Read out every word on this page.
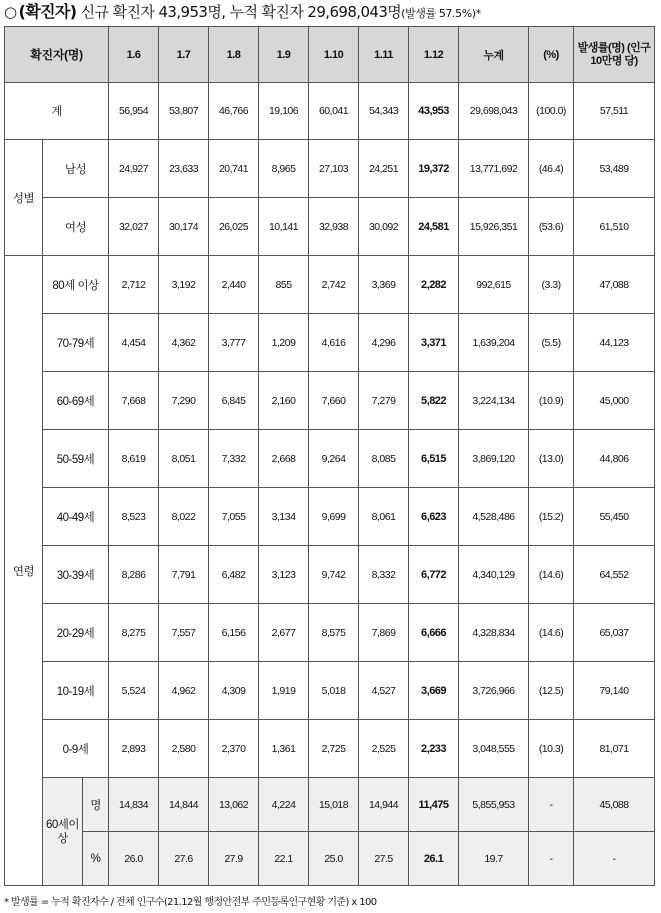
○ (확진자) 신규 확진자 43,953명, 누적 확진자 29,698,043명(발생률 57.5%)*
확진자(명)			1.6	1.7	1.8	1.9	1.10	1.11	1.12	누계	(%)	발생률(명) (인구 10만명 당)
계			56,954	53,807	46,766	19,106	60,041	54,343	43,953	29,698,043	(100.0)	57,511
성별	남성		24,927	23,633	20,741	8,965	27,103	24,251	19,372	13,771,692	(46.4)	53,489
	여성		32,027	30,174	26,025	10,141	32,938	30,092	24,581	15,926,351	(53.6)	61,510
연령	80세 이상		2,712	3,192	2,440	855	2,742	3,369	2,282	992,615	(3.3)	47,088
	70-79세		4,454	4,362	3,777	1,209	4,616	4,296	3,371	1,639,204	(5.5)	44,123
	60-69세		7,668	7,290	6,845	2,160	7,660	7,279	5,822	3,224,134	(10.9)	45,000
	50-59세		8,619	8,051	7,332	2,668	9,264	8,085	6,515	3,869,120	(13.0)	44,806
	40-49세		8,523	8,022	7,055	3,134	9,699	8,061	6,623	4,528,486	(15.2)	55,450
	30-39세		8,286	7,791	6,482	3,123	9,742	8,332	6,772	4,340,129	(14.6)	64,552
	20-29세		8,275	7,557	6,156	2,677	8,575	7,869	6,666	4,328,834	(14.6)	65,037
	10-19세		5,524	4,962	4,309	1,919	5,018	4,527	3,669	3,726,966	(12.5)	79,140
	0-9세		2,893	2,580	2,370	1,361	2,725	2,525	2,233	3,048,555	(10.3)	81,071
	60세이상	명	14,834	14,844	13,062	4,224	15,018	14,944	11,475	5,855,953	-	45,088
		%	26.0	27.6	27.9	22.1	25.0	27.5	26.1	19.7	-	-
* 발생률 = 누적 확진자수 / 전체 인구수(21.12월 행정안전부 주민등록인구현황 기준) x 100
